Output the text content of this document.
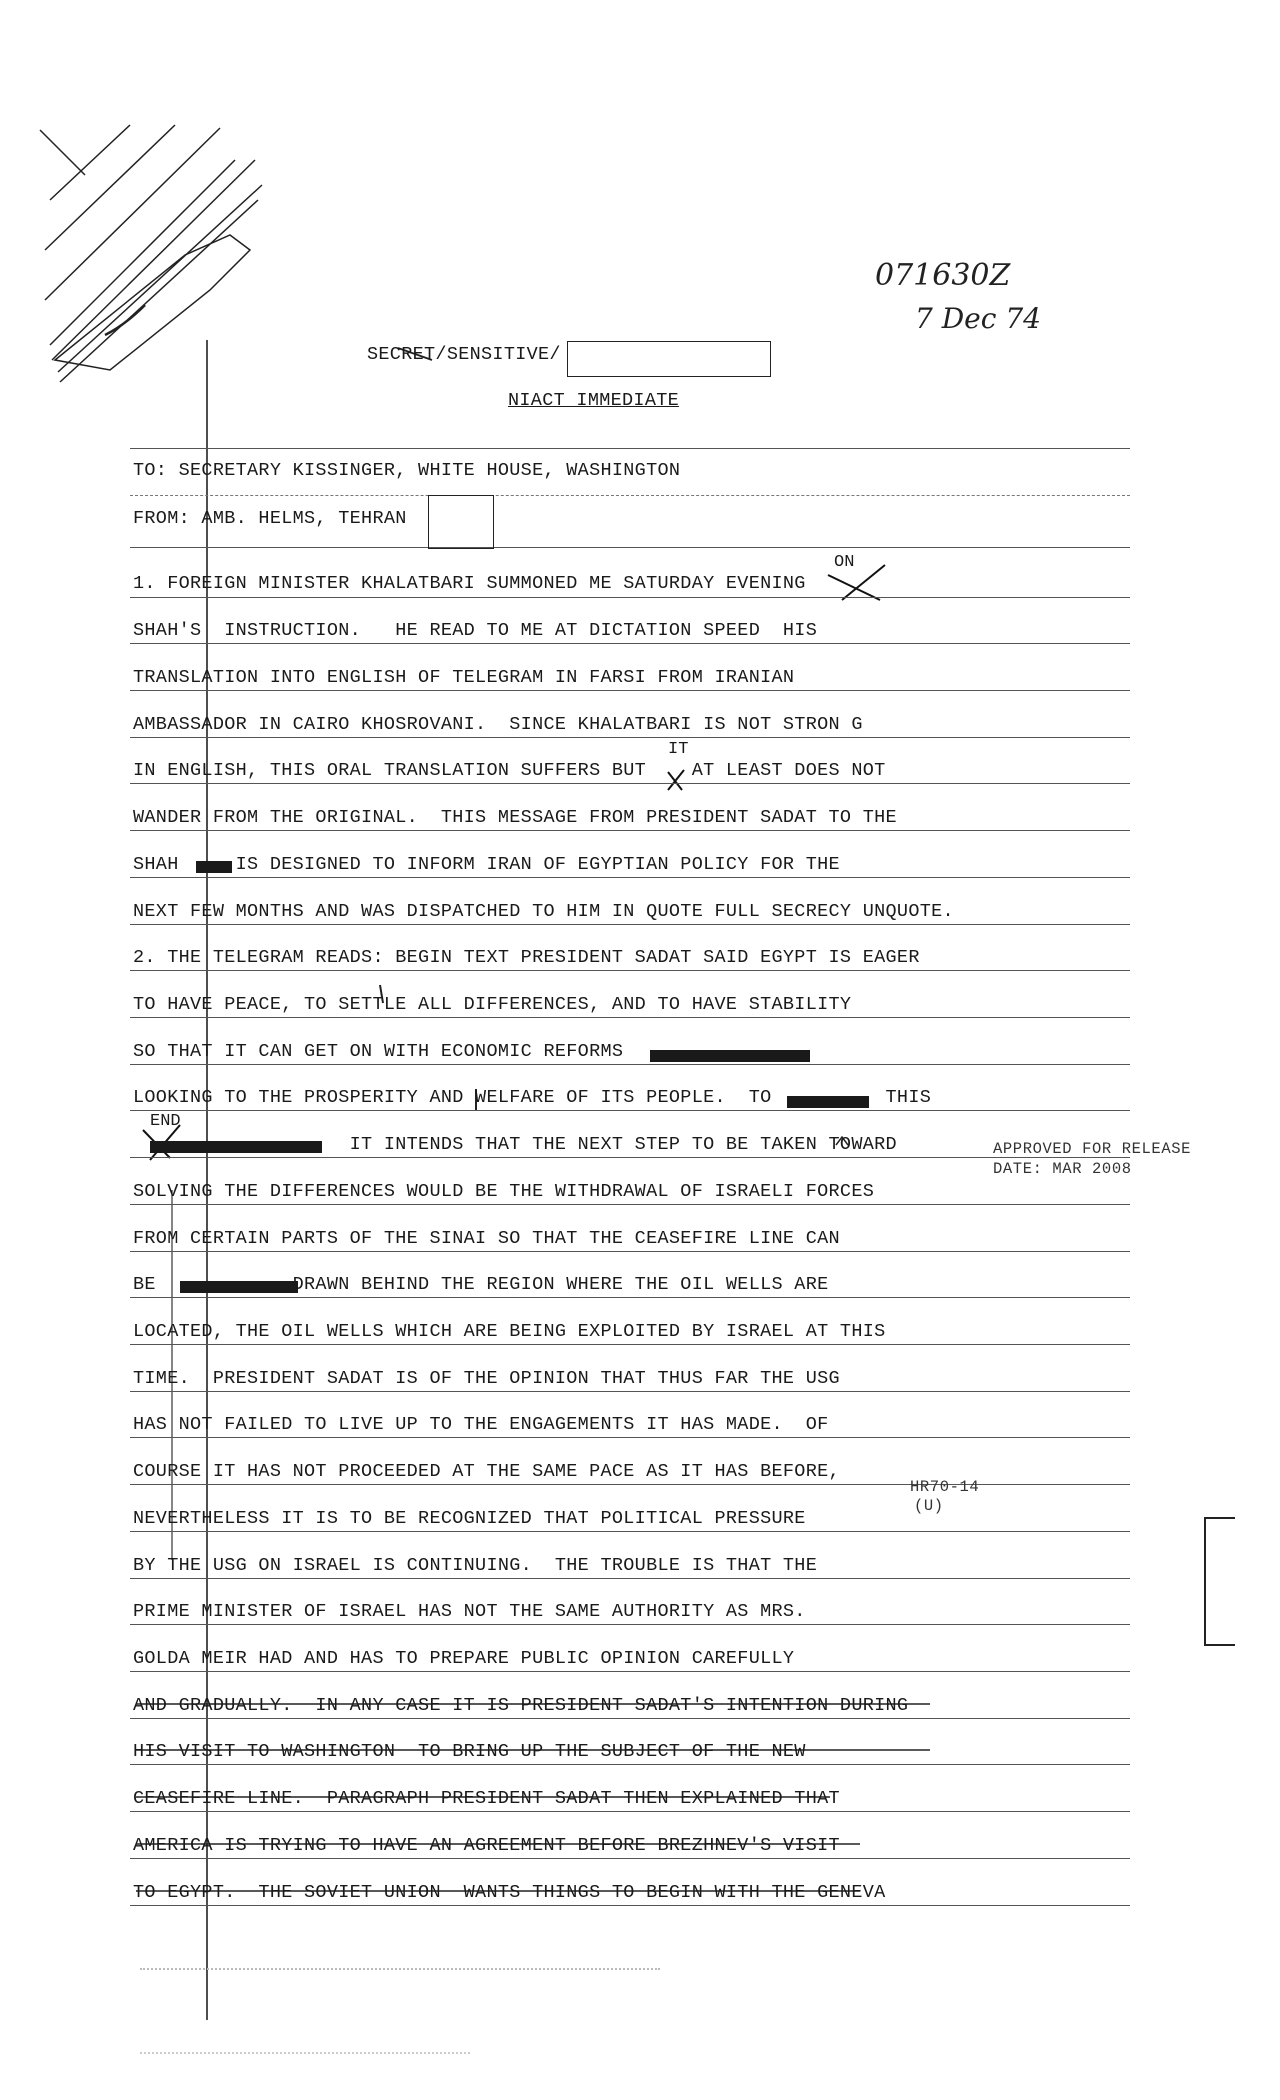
071630Z
7 Dec 74
SECRET/SENSITIVE/
NIACT IMMEDIATE
TO: SECRETARY KISSINGER, WHITE HOUSE, WASHINGTON
FROM: AMB. HELMS, TEHRAN
ON
IT
END
1. FOREIGN MINISTER KHALATBARI SUMMONED ME SATURDAY EVENING
SHAH'S  INSTRUCTION.   HE READ TO ME AT DICTATION SPEED  HIS
TRANSLATION INTO ENGLISH OF TELEGRAM IN FARSI FROM IRANIAN
AMBASSADOR IN CAIRO KHOSROVANI.  SINCE KHALATBARI IS NOT STRON G
IN ENGLISH, THIS ORAL TRANSLATION SUFFERS BUT    AT LEAST DOES NOT
WANDER FROM THE ORIGINAL.  THIS MESSAGE FROM PRESIDENT SADAT TO THE
SHAH     IS DESIGNED TO INFORM IRAN OF EGYPTIAN POLICY FOR THE
NEXT FEW MONTHS AND WAS DISPATCHED TO HIM IN QUOTE FULL SECRECY UNQUOTE.
2. THE TELEGRAM READS: BEGIN TEXT PRESIDENT SADAT SAID EGYPT IS EAGER
TO HAVE PEACE, TO SETTLE ALL DIFFERENCES, AND TO HAVE STABILITY
SO THAT IT CAN GET ON WITH ECONOMIC REFORMS
LOOKING TO THE PROSPERITY AND WELFARE OF ITS PEOPLE.  TO          THIS
IT INTENDS THAT THE NEXT STEP TO BE TAKEN TOWARD
SOLVING THE DIFFERENCES WOULD BE THE WITHDRAWAL OF ISRAELI FORCES
FROM CERTAIN PARTS OF THE SINAI SO THAT THE CEASEFIRE LINE CAN
BE            DRAWN BEHIND THE REGION WHERE THE OIL WELLS ARE
LOCATED, THE OIL WELLS WHICH ARE BEING EXPLOITED BY ISRAEL AT THIS
TIME.  PRESIDENT SADAT IS OF THE OPINION THAT THUS FAR THE USG
HAS NOT FAILED TO LIVE UP TO THE ENGAGEMENTS IT HAS MADE.  OF
COURSE IT HAS NOT PROCEEDED AT THE SAME PACE AS IT HAS BEFORE,
NEVERTHELESS IT IS TO BE RECOGNIZED THAT POLITICAL PRESSURE
BY THE USG ON ISRAEL IS CONTINUING.  THE TROUBLE IS THAT THE
PRIME MINISTER OF ISRAEL HAS NOT THE SAME AUTHORITY AS MRS.
GOLDA MEIR HAD AND HAS TO PREPARE PUBLIC OPINION CAREFULLY
AND GRADUALLY.  IN ANY CASE IT IS PRESIDENT SADAT'S INTENTION DURING
HIS VISIT TO WASHINGTON  TO BRING UP THE SUBJECT OF THE NEW
CEASEFIRE LINE.  PARAGRAPH PRESIDENT SADAT THEN EXPLAINED THAT
AMERICA IS TRYING TO HAVE AN AGREEMENT BEFORE BREZHNEV'S VISIT
TO EGYPT.  THE SOVIET UNION  WANTS THINGS TO BEGIN WITH THE GENEVA
APPROVED FOR RELEASE
DATE: MAR 2008
HR70-14
(U)
